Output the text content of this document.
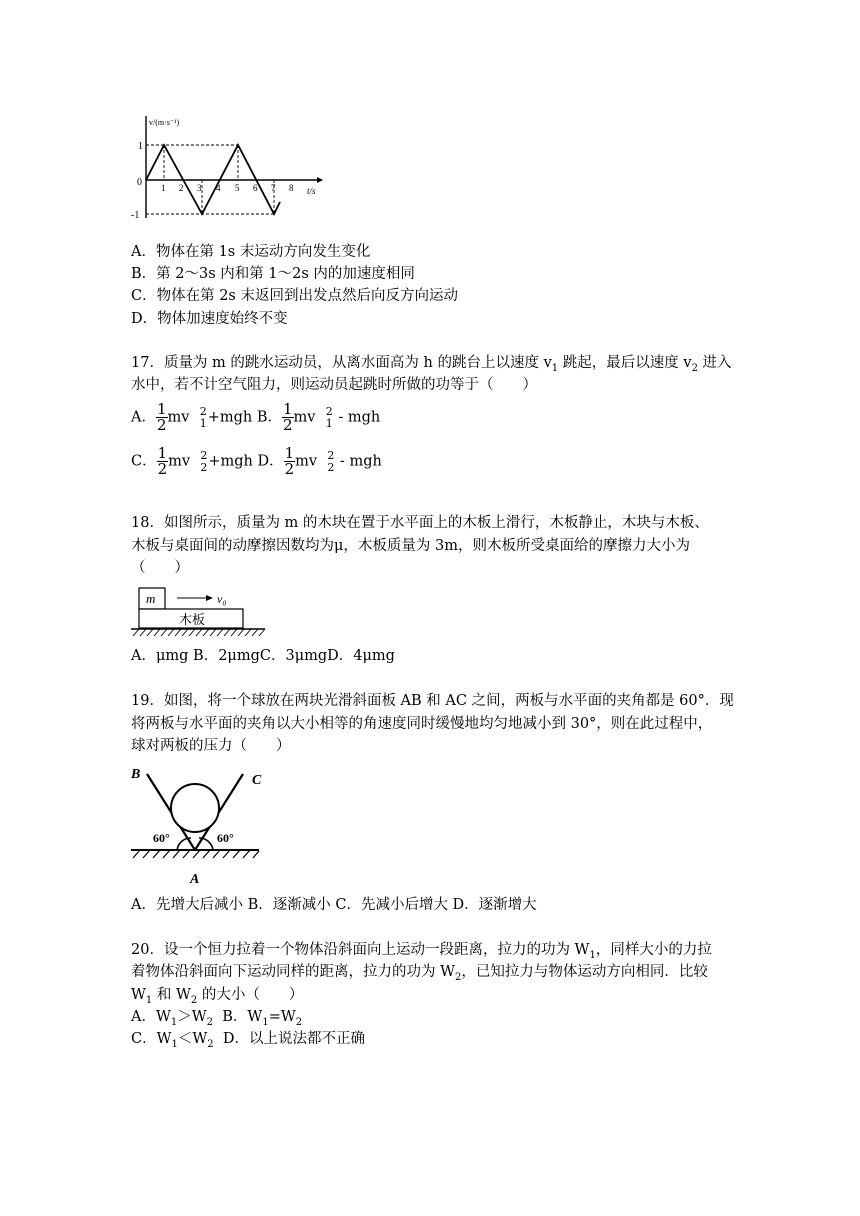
v/(m·s⁻¹)
t/s
0
1
-1
1 2 3 4 5 6 7 8
A．物体在第 1s 末运动方向发生变化
B．第 2～3s 内和第 1～2s 内的加速度相同
C．物体在第 2s 末返回到出发点然后向反方向运动
D．物体加速度始终不变
17．质量为 m 的跳水运动员，从离水面高为 h 的跳台上以速度 $v_1$ 跳起，最后以速度 $v_2$ 进入
水中，若不计空气阻力，则运动员起跳时所做的功等于（　　）
A． $\frac{1}{2}$ mv 2
1 +mgh B． $\frac{1}{2}$ mv 2
1 - mgh
C． $\frac{1}{2}$ mv 2
2 +mgh D． $\frac{1}{2}$ mv 2
2 - mgh
18．如图所示，质量为 m 的木块在置于水平面上的木板上滑行，木板静止，木块与木板、
木板与桌面间的动摩擦因数均为μ，木板质量为 3m，则木板所受桌面给的摩擦力大小为
（　　）
m	v₀
木板
A．μmg B．2μmgC．3μmgD．4μmg
19．如图，将一个球放在两块光滑斜面板 AB 和 AC 之间，两板与水平面的夹角都是 60°．现
将两板与水平面的夹角以大小相等的角速度同时缓慢地均匀地减小到 30°，则在此过程中，
球对两板的压力（　　）
B	C
60°	60°
A
A．先增大后减小 B．逐渐减小 C．先减小后增大 D．逐渐增大
20．设一个恒力拉着一个物体沿斜面向上运动一段距离，拉力的功为 $W_1$，同样大小的力拉
着物体沿斜面向下运动同样的距离，拉力的功为 $W_2$，已知拉力与物体运动方向相同．比较
$W_1$ 和 $W_2$ 的大小（　　）
A．$W_1>W_2$  B．$W_1=W_2$
C．$W_1<W_2$  D．以上说法都不正确
